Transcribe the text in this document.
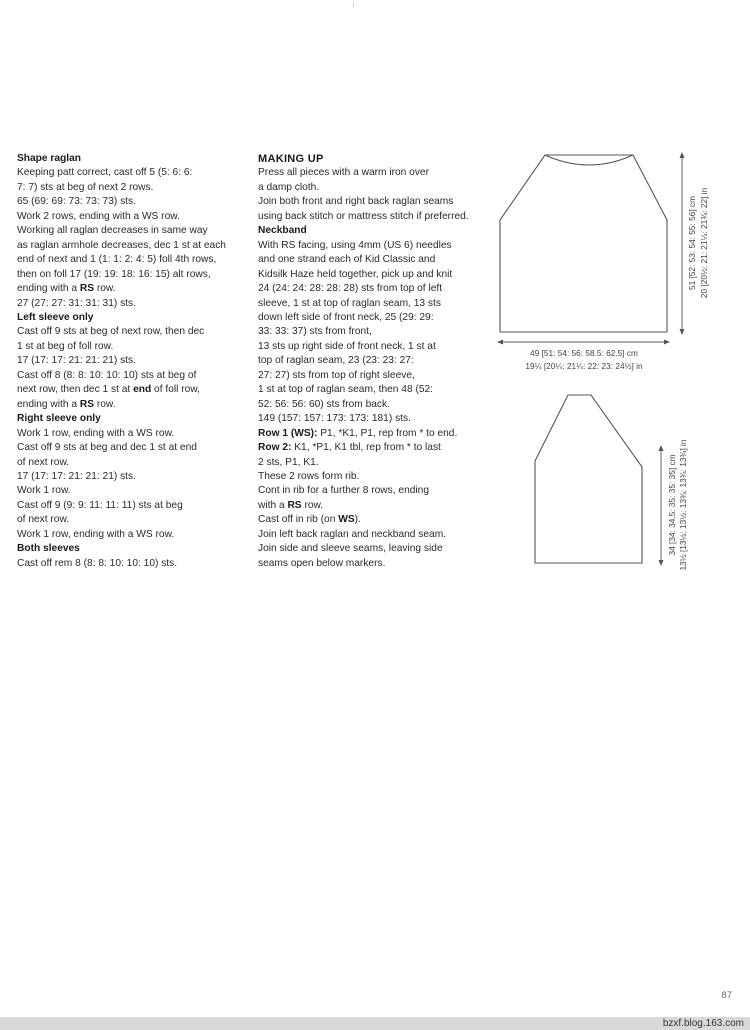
Shape raglan
Keeping patt correct, cast off 5 (5: 6: 6:
7: 7) sts at beg of next 2 rows.
65 (69: 69: 73: 73: 73) sts.
Work 2 rows, ending with a WS row.
Working all raglan decreases in same way
as raglan armhole decreases, dec 1 st at each
end of next and 1 (1: 1: 2: 4: 5) foll 4th rows,
then on foll 17 (19: 19: 18: 16: 15) alt rows,
ending with a RS row.
27 (27: 27: 31: 31: 31) sts.
Left sleeve only
Cast off 9 sts at beg of next row, then dec
1 st at beg of foll row.
17 (17: 17: 21: 21: 21) sts.
Cast off 8 (8: 8: 10: 10: 10) sts at beg of
next row, then dec 1 st at end of foll row,
ending with a RS row.
Right sleeve only
Work 1 row, ending with a WS row.
Cast off 9 sts at beg and dec 1 st at end
of next row.
17 (17: 17: 21: 21: 21) sts.
Work 1 row.
Cast off 9 (9: 9: 11: 11: 11) sts at beg
of next row.
Work 1 row, ending with a WS row.
Both sleeves
Cast off rem 8 (8: 8: 10: 10: 10) sts.
MAKING UP
Press all pieces with a warm iron over
a damp cloth.
Join both front and right back raglan seams
using back stitch or mattress stitch if preferred.
Neckband
With RS facing, using 4mm (US 6) needles
and one strand each of Kid Classic and
Kidsilk Haze held together, pick up and knit
24 (24: 24: 28: 28: 28) sts from top of left
sleeve, 1 st at top of raglan seam, 13 sts
down left side of front neck, 25 (29: 29:
33: 33: 37) sts from front,
13 sts up right side of front neck, 1 st at
top of raglan seam, 23 (23: 23: 27:
27: 27) sts from top of right sleeve,
1 st at top of raglan seam, then 48 (52:
52: 56: 56: 60) sts from back.
149 (157: 157: 173: 173: 181) sts.
Row 1 (WS): P1, *K1, P1, rep from * to end.
Row 2: K1, *P1, K1 tbl, rep from * to last
2 sts, P1, K1.
These 2 rows form rib.
Cont in rib for a further 8 rows, ending
with a RS row.
Cast off in rib (on WS).
Join left back raglan and neckband seam.
Join side and sleeve seams, leaving side
seams open below markers.
51 [52: 53: 54: 55: 56] cm 20 [20½: 21: 21¼: 21¾: 22] in
49 [51: 54: 56: 58.5: 62.5] cm
19¼ [20¼: 21¼: 22: 23: 24½] in
34 [34: 34.5: 35: 35: 35] cm 13½ [13½: 13½: 13¾: 13¾: 13¾] in
87
bzxf.blog.163.com
